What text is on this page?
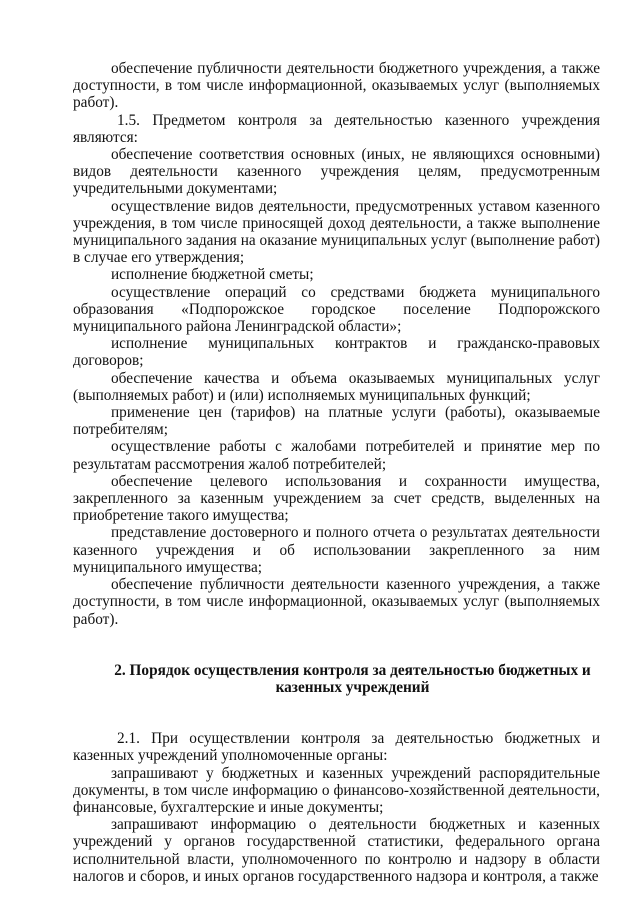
обеспечение публичности деятельности бюджетного учреждения, а также доступности, в том числе информационной, оказываемых услуг (выполняемых работ).

1.5. Предметом контроля за деятельностью казенного учреждения являются:

обеспечение соответствия основных (иных, не являющихся основными) видов деятельности казенного учреждения целям, предусмотренным учредительными документами;

осуществление видов деятельности, предусмотренных уставом казенного учреждения, в том числе приносящей доход деятельности, а также выполнение муниципального задания на оказание муниципальных услуг (выполнение работ) в случае его утверждения;

исполнение бюджетной сметы;

осуществление операций со средствами бюджета муниципального образования «Подпорожское городское поселение Подпорожского муниципального района Ленинградской области»;

исполнение муниципальных контрактов и гражданско-правовых договоров;

обеспечение качества и объема оказываемых муниципальных услуг (выполняемых работ) и (или) исполняемых муниципальных функций;

применение цен (тарифов) на платные услуги (работы), оказываемые потребителям;

осуществление работы с жалобами потребителей и принятие мер по результатам рассмотрения жалоб потребителей;

обеспечение целевого использования и сохранности имущества, закрепленного за казенным учреждением за счет средств, выделенных на приобретение такого имущества;

представление достоверного и полного отчета о результатах деятельности казенного учреждения и об использовании закрепленного за ним муниципального имущества;

обеспечение публичности деятельности казенного учреждения, а также доступности, в том числе информационной, оказываемых услуг (выполняемых работ).

2. Порядок осуществления контроля за деятельностью бюджетных и
казенных учреждений

2.1. При осуществлении контроля за деятельностью бюджетных и казенных учреждений уполномоченные органы:

запрашивают у бюджетных и казенных учреждений распорядительные документы, в том числе информацию о финансово-хозяйственной деятельности, финансовые, бухгалтерские и иные документы;

запрашивают информацию о деятельности бюджетных и казенных учреждений у органов государственной статистики, федерального органа исполнительной власти, уполномоченного по контролю и надзору в области налогов и сборов, и иных органов государственного надзора и контроля, а также
